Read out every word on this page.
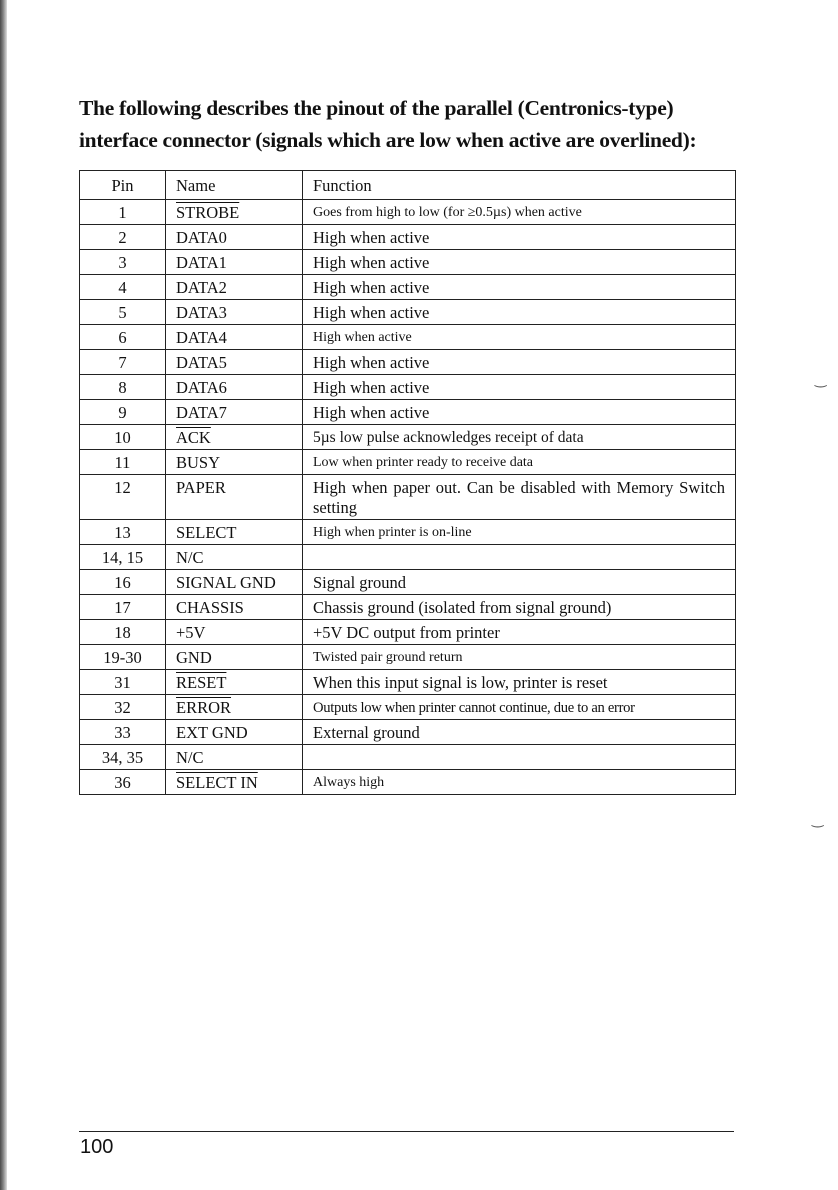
‿
‿

The following describes the pinout of the parallel (Centronics-type) interface connector (signals which are low when active are overlined):

Pin	Name	Function
1	STROBE	Goes from high to low (for ≥0.5µs) when active
2	DATA0	High when active
3	DATA1	High when active
4	DATA2	High when active
5	DATA3	High when active
6	DATA4	High when active
7	DATA5	High when active
8	DATA6	High when active
9	DATA7	High when active
10	$\overline{ACK}$	5µs low pulse acknowledges receipt of data
11	BUSY	Low when printer ready to receive data
12	PAPER	High when paper out. Can be disabled with Memory Switch setting
13	SELECT	High when printer is on-line
14, 15	N/C	
16	SIGNAL GND	Signal ground
17	CHASSIS	Chassis ground (isolated from signal ground)
18	+5V	+5V DC output from printer
19-30	GND	Twisted pair ground return
31	RESET	When this input signal is low, printer is reset
32	ERROR	Outputs low when printer cannot continue, due to an error
33	EXT GND	External ground
34, 35	N/C	
36	SELECT IN	Always high
100
